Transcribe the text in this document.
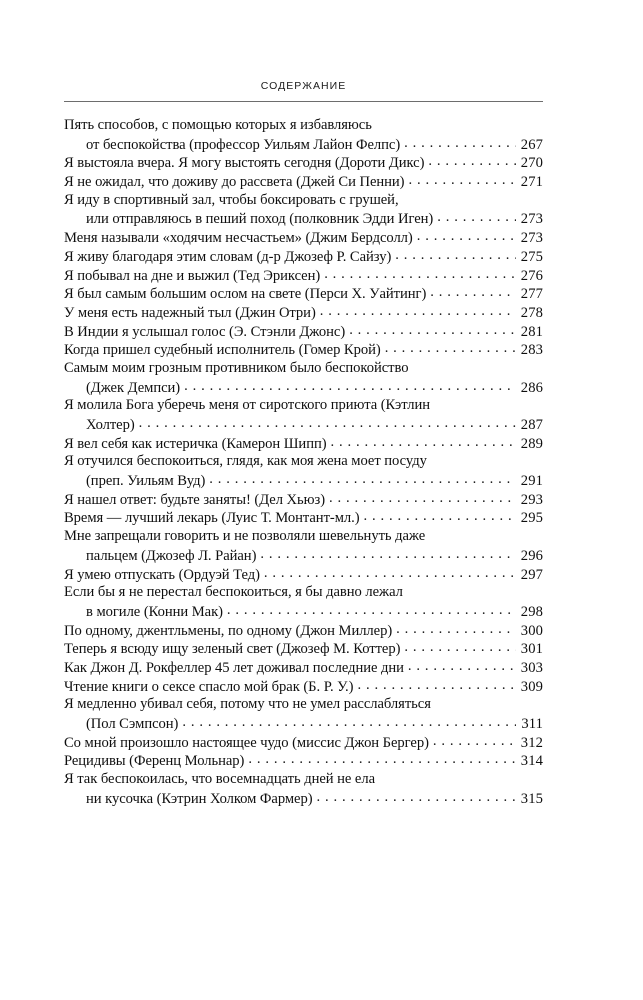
СОДЕРЖАНИЕ
Пять способов, с помощью которых я избавляюсь
от беспокойства (профессор Уильям Лайон Фелпс) . . .	267
Я выстояла вчера. Я могу выстоять сегодня (Дороти Дикс) . . .	270
Я не ожидал, что доживу до рассвета (Джей Си Пенни) . . .	271
Я иду в спортивный зал, чтобы боксировать с грушей,
или отправляюсь в пеший поход (полковник Эдди Иген) . . .	273
Меня называли «ходячим несчастьем» (Джим Бердсолл) . . .	273
Я живу благодаря этим словам (д-р Джозеф Р. Сайзу) . . .	275
Я побывал на дне и выжил (Тед Эриксен) . . .	276
Я был самым большим ослом на свете (Перси Х. Уайтинг) . . .	277
У меня есть надежный тыл (Джин Отри) . . .	278
В Индии я услышал голос (Э. Стэнли Джонс) . . .	281
Когда пришел судебный исполнитель (Гомер Крой) . . .	283
Самым моим грозным противником было беспокойство
(Джек Демпси) . . .	286
Я молила Бога уберечь меня от сиротского приюта (Кэтлин
Холтер) . . .	287
Я вел себя как истеричка (Камерон Шипп) . . .	289
Я отучился беспокоиться, глядя, как моя жена моет посуду
(преп. Уильям Вуд) . . .	291
Я нашел ответ: будьте заняты! (Дел Хьюз) . . .	293
Время — лучший лекарь (Луис Т. Монтант-мл.) . . .	295
Мне запрещали говорить и не позволяли шевельнуть даже
пальцем (Джозеф Л. Райан) . . .	296
Я умею отпускать (Ордуэй Тед) . . .	297
Если бы я не перестал беспокоиться, я бы давно лежал
в могиле (Конни Мак) . . .	298
По одному, джентльмены, по одному (Джон Миллер) . . .	300
Теперь я всюду ищу зеленый свет (Джозеф М. Коттер) . . .	301
Как Джон Д. Рокфеллер 45 лет доживал последние дни . . .	303
Чтение книги о сексе спасло мой брак (Б. Р. У.) . . .	309
Я медленно убивал себя, потому что не умел расслабляться
(Пол Сэмпсон) . . .	311
Со мной произошло настоящее чудо (миссис Джон Бергер) . . .	312
Рецидивы (Ференц Мольнар) . . .	314
Я так беспокоилась, что восемнадцать дней не ела
ни кусочка (Кэтрин Холком Фармер) . . .	315
